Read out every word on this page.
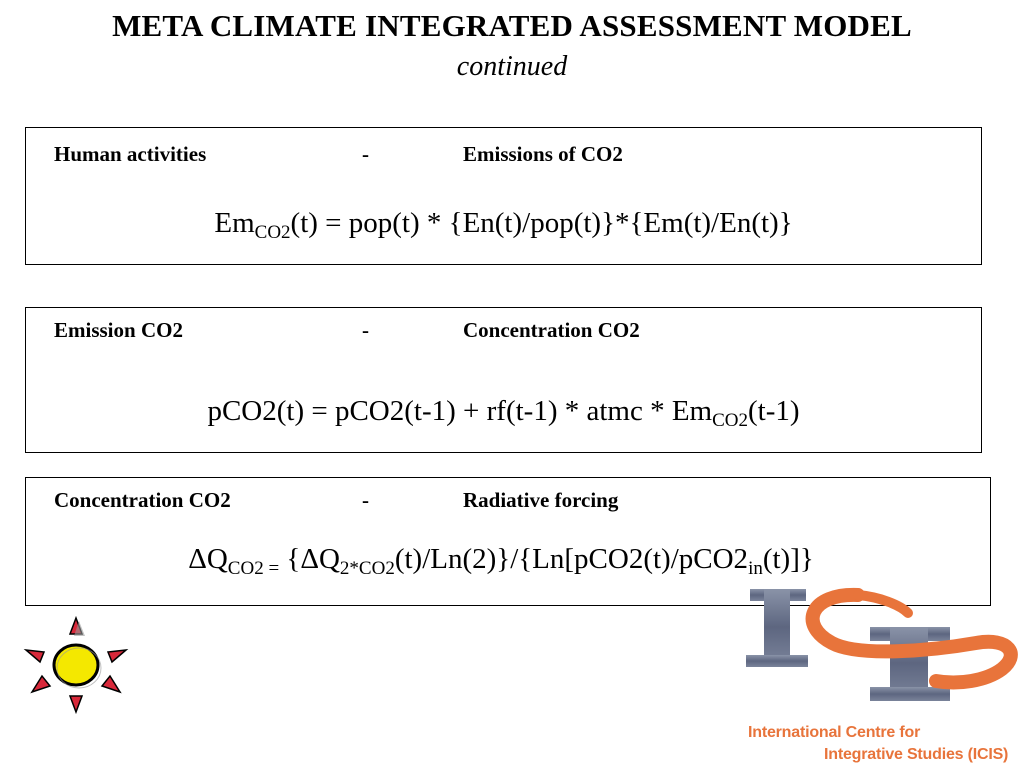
META CLIMATE INTEGRATED ASSESSMENT MODEL
continued
Human activities	-	Emissions of CO2
$Em_{CO2}(t) = pop(t) * \{En(t)/pop(t)\}*\{Em(t)/En(t)\}$
Emission CO2	-	Concentration CO2
pCO2(t) = pCO2(t-1) + rf(t-1) * atmc * $Em_{CO2}(t-1)$
Concentration CO2	-	Radiative forcing
$\Delta Q_{CO2 =}$ $\{\Delta Q_{2*CO2}(t)/Ln(2)\}/\{Ln[pCO2(t)/pCO2_{in}(t)]\}$
International Centre for
Integrative Studies (ICIS)
